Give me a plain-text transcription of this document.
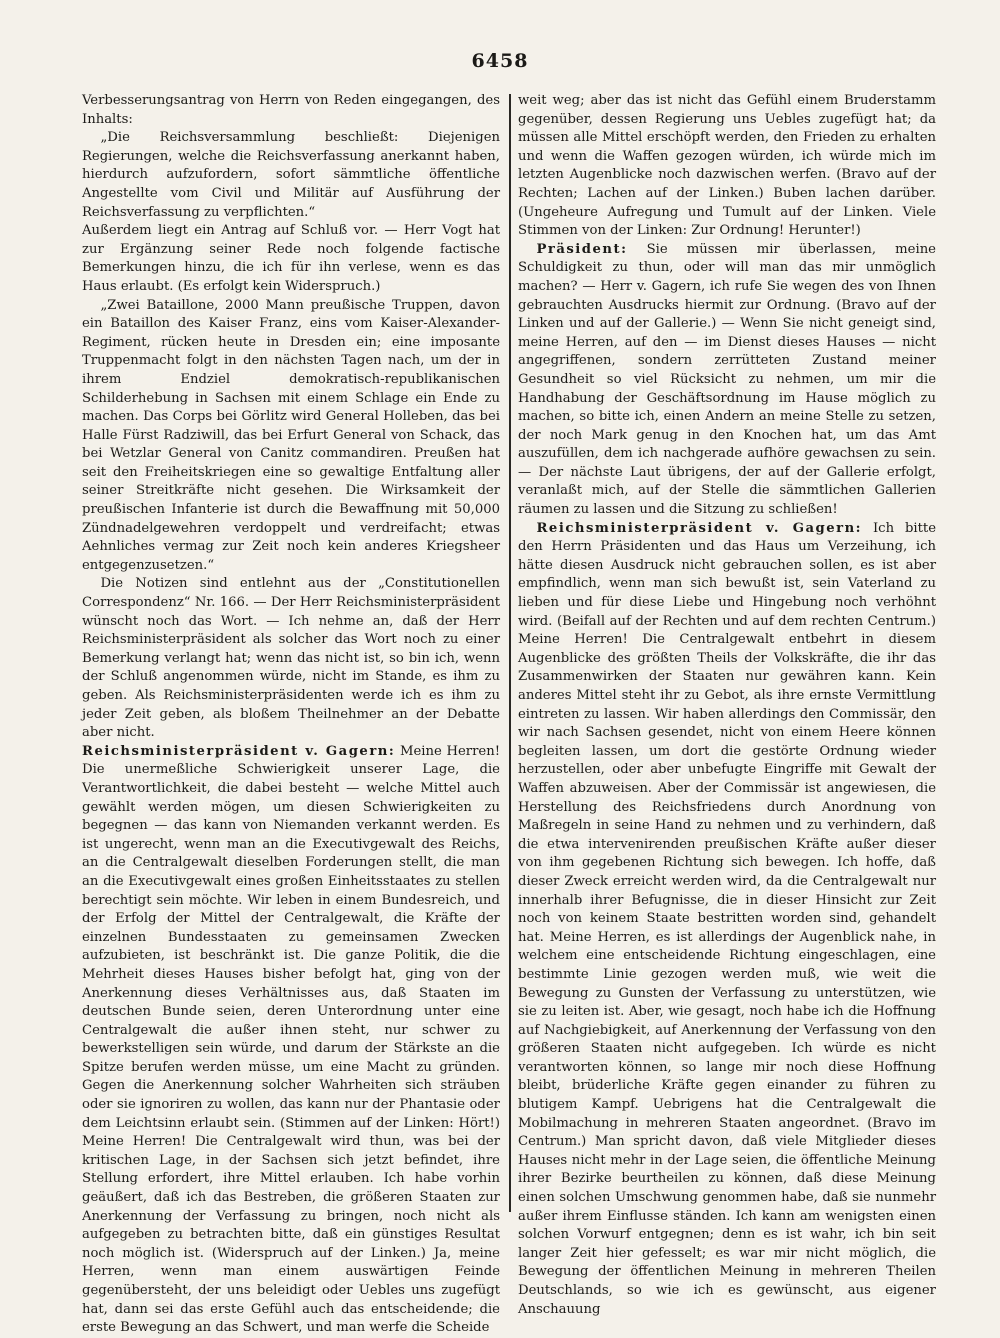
6458

Verbesserungsantrag von Herrn von Reden eingegangen, des Inhalts:

„Die Reichsversammlung beschließt: Diejenigen Regierungen, welche die Reichsverfassung anerkannt haben, hierdurch aufzufordern, sofort sämmtliche öffentliche Angestellte vom Civil und Militär auf Ausführung der Reichsverfassung zu verpflichten.“

Außerdem liegt ein Antrag auf Schluß vor. — Herr Vogt hat zur Ergänzung seiner Rede noch folgende factische Bemerkungen hinzu, die ich für ihn verlese, wenn es das Haus erlaubt. (Es erfolgt kein Widerspruch.)

„Zwei Bataillone, 2000 Mann preußische Truppen, davon ein Bataillon des Kaiser Franz, eins vom Kaiser-Alexander-Regiment, rücken heute in Dresden ein; eine imposante Truppenmacht folgt in den nächsten Tagen nach, um der in ihrem Endziel demokratisch-republikanischen Schilderhebung in Sachsen mit einem Schlage ein Ende zu machen. Das Corps bei Görlitz wird General Holleben, das bei Halle Fürst Radziwill, das bei Erfurt General von Schack, das bei Wetzlar General von Canitz commandiren. Preußen hat seit den Freiheitskriegen eine so gewaltige Entfaltung aller seiner Streitkräfte nicht gesehen. Die Wirksamkeit der preußischen Infanterie ist durch die Bewaffnung mit 50,000 Zündnadelgewehren verdoppelt und verdreifacht; etwas Aehnliches vermag zur Zeit noch kein anderes Kriegsheer entgegenzusetzen.“

Die Notizen sind entlehnt aus der „Constitutionellen Correspondenz“ Nr. 166. — Der Herr Reichsministerpräsident wünscht noch das Wort. — Ich nehme an, daß der Herr Reichsministerpräsident als solcher das Wort noch zu einer Bemerkung verlangt hat; wenn das nicht ist, so bin ich, wenn der Schluß angenommen würde, nicht im Stande, es ihm zu geben. Als Reichsministerpräsidenten werde ich es ihm zu jeder Zeit geben, als bloßem Theilnehmer an der Debatte aber nicht.

Reichsministerpräsident v. Gagern: Meine Herren! Die unermeßliche Schwierigkeit unserer Lage, die Verantwortlichkeit, die dabei besteht — welche Mittel auch gewählt werden mögen, um diesen Schwierigkeiten zu begegnen — das kann von Niemanden verkannt werden. Es ist ungerecht, wenn man an die Executivgewalt des Reichs, an die Centralgewalt dieselben Forderungen stellt, die man an die Executivgewalt eines großen Einheitsstaates zu stellen berechtigt sein möchte. Wir leben in einem Bundesreich, und der Erfolg der Mittel der Centralgewalt, die Kräfte der einzelnen Bundesstaaten zu gemeinsamen Zwecken aufzubieten, ist beschränkt ist. Die ganze Politik, die die Mehrheit dieses Hauses bisher befolgt hat, ging von der Anerkennung dieses Verhältnisses aus, daß Staaten im deutschen Bunde seien, deren Unterordnung unter eine Centralgewalt die außer ihnen steht, nur schwer zu bewerkstelligen sein würde, und darum der Stärkste an die Spitze berufen werden müsse, um eine Macht zu gründen. Gegen die Anerkennung solcher Wahrheiten sich sträuben oder sie ignoriren zu wollen, das kann nur der Phantasie oder dem Leichtsinn erlaubt sein. (Stimmen auf der Linken: Hört!) Meine Herren! Die Centralgewalt wird thun, was bei der kritischen Lage, in der Sachsen sich jetzt befindet, ihre Stellung erfordert, ihre Mittel erlauben. Ich habe vorhin geäußert, daß ich das Bestreben, die größeren Staaten zur Anerkennung der Verfassung zu bringen, noch nicht als aufgegeben zu betrachten bitte, daß ein günstiges Resultat noch möglich ist. (Widerspruch auf der Linken.) Ja, meine Herren, wenn man einem auswärtigen Feinde gegenübersteht, der uns beleidigt oder Uebles uns zugefügt hat, dann sei das erste Gefühl auch das entscheidende; die erste Bewegung an das Schwert, und man werfe die Scheide

weit weg; aber das ist nicht das Gefühl einem Bruderstamm gegenüber, dessen Regierung uns Uebles zugefügt hat; da müssen alle Mittel erschöpft werden, den Frieden zu erhalten und wenn die Waffen gezogen würden, ich würde mich im letzten Augenblicke noch dazwischen werfen. (Bravo auf der Rechten; Lachen auf der Linken.) Buben lachen darüber. (Ungeheure Aufregung und Tumult auf der Linken. Viele Stimmen von der Linken: Zur Ordnung! Herunter!)

Präsident: Sie müssen mir überlassen, meine Schuldigkeit zu thun, oder will man das mir unmöglich machen? — Herr v. Gagern, ich rufe Sie wegen des von Ihnen gebrauchten Ausdrucks hiermit zur Ordnung. (Bravo auf der Linken und auf der Gallerie.) — Wenn Sie nicht geneigt sind, meine Herren, auf den — im Dienst dieses Hauses — nicht angegriffenen, sondern zerrütteten Zustand meiner Gesundheit so viel Rücksicht zu nehmen, um mir die Handhabung der Geschäftsordnung im Hause möglich zu machen, so bitte ich, einen Andern an meine Stelle zu setzen, der noch Mark genug in den Knochen hat, um das Amt auszufüllen, dem ich nachgerade aufhöre gewachsen zu sein. — Der nächste Laut übrigens, der auf der Gallerie erfolgt, veranlaßt mich, auf der Stelle die sämmtlichen Gallerien räumen zu lassen und die Sitzung zu schließen!

Reichsministerpräsident v. Gagern: Ich bitte den Herrn Präsidenten und das Haus um Verzeihung, ich hätte diesen Ausdruck nicht gebrauchen sollen, es ist aber empfindlich, wenn man sich bewußt ist, sein Vaterland zu lieben und für diese Liebe und Hingebung noch verhöhnt wird. (Beifall auf der Rechten und auf dem rechten Centrum.) Meine Herren! Die Centralgewalt entbehrt in diesem Augenblicke des größten Theils der Volkskräfte, die ihr das Zusammenwirken der Staaten nur gewähren kann. Kein anderes Mittel steht ihr zu Gebot, als ihre ernste Vermittlung eintreten zu lassen. Wir haben allerdings den Commissär, den wir nach Sachsen gesendet, nicht von einem Heere können begleiten lassen, um dort die gestörte Ordnung wieder herzustellen, oder aber unbefugte Eingriffe mit Gewalt der Waffen abzuweisen. Aber der Commissär ist angewiesen, die Herstellung des Reichsfriedens durch Anordnung von Maßregeln in seine Hand zu nehmen und zu verhindern, daß die etwa intervenirenden preußischen Kräfte außer dieser von ihm gegebenen Richtung sich bewegen. Ich hoffe, daß dieser Zweck erreicht werden wird, da die Centralgewalt nur innerhalb ihrer Befugnisse, die in dieser Hinsicht zur Zeit noch von keinem Staate bestritten worden sind, gehandelt hat. Meine Herren, es ist allerdings der Augenblick nahe, in welchem eine entscheidende Richtung eingeschlagen, eine bestimmte Linie gezogen werden muß, wie weit die Bewegung zu Gunsten der Verfassung zu unterstützen, wie sie zu leiten ist. Aber, wie gesagt, noch habe ich die Hoffnung auf Nachgiebigkeit, auf Anerkennung der Verfassung von den größeren Staaten nicht aufgegeben. Ich würde es nicht verantworten können, so lange mir noch diese Hoffnung bleibt, brüderliche Kräfte gegen einander zu führen zu blutigem Kampf. Uebrigens hat die Centralgewalt die Mobilmachung in mehreren Staaten angeordnet. (Bravo im Centrum.) Man spricht davon, daß viele Mitglieder dieses Hauses nicht mehr in der Lage seien, die öffentliche Meinung ihrer Bezirke beurtheilen zu können, daß diese Meinung einen solchen Umschwung genommen habe, daß sie nunmehr außer ihrem Einflusse ständen. Ich kann am wenigsten einen solchen Vorwurf entgegnen; denn es ist wahr, ich bin seit langer Zeit hier gefesselt; es war mir nicht möglich, die Bewegung der öffentlichen Meinung in mehreren Theilen Deutschlands, so wie ich es gewünscht, aus eigener Anschauung
